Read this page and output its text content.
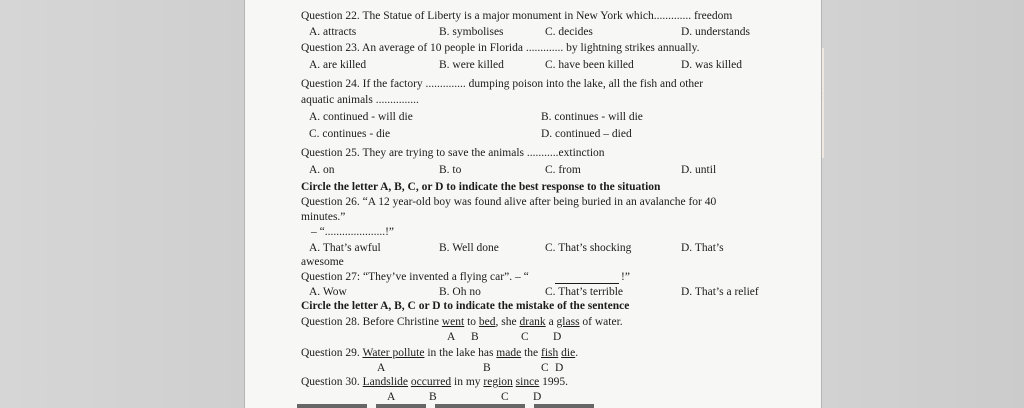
Question 22. The Statue of Liberty is a major monument in New York which............. freedom
A. attracts	B. symbolises	C. decides	D. understands
Question 23. An average of 10 people in Florida ............. by lightning strikes annually.
A. are killed	B. were killed	C. have been killed	D. was killed
Question 24. If the factory .............. dumping poison into the lake, all the fish and other
aquatic animals ...............
A. continued - will die	B. continues - will die
C. continues - die	D. continued – died
Question 25. They are trying to save the animals ...........extinction
A. on	B. to	C. from	D. until
Circle the letter A, B, C, or D to indicate the best response to the situation
Question 26. “A 12 year-old boy was found alive after being buried in an avalanche for 40
minutes.”
– “.....................!”
A. That’s awful	B. Well done	C. That’s shocking	D. That’s
awesome
Question 27: “They’ve invented a flying car”. – “	!”
A. Wow	B. Oh no	C. That’s terrible	D. That’s a relief
Circle the letter A, B, C or D to indicate the mistake of the sentence
Question 28. Before Christine went to bed, she drank a glass of water.
A B	C D
Question 29. Water pollute in the lake has made the fish die.
A	B	C D
Question 30. Landslide occurred in my region since 1995.
A	B	C D
